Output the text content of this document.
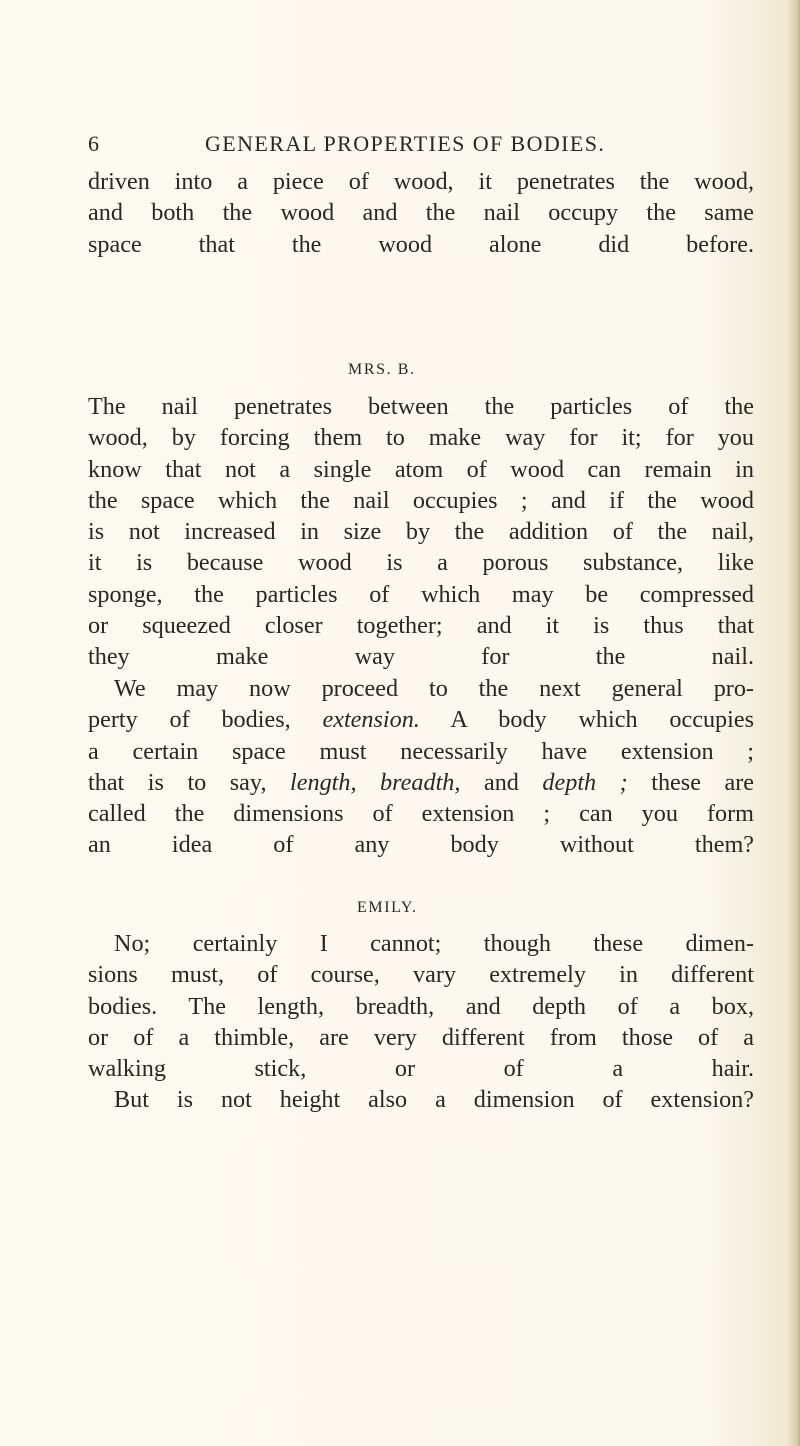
6	GENERAL PROPERTIES OF BODIES.
driven into a piece of wood, it penetrates the wood,
and both the wood and the nail occupy the same
space that the wood alone did before.
MRS. B.
The nail penetrates between the particles of the
wood, by forcing them to make way for it; for you
know that not a single atom of wood can remain in
the space which the nail occupies ; and if the wood
is not increased in size by the addition of the nail,
it is because wood is a porous substance, like
sponge, the particles of which may be compressed
or squeezed closer together; and it is thus that
they make way for the nail.
We may now proceed to the next general pro-
perty of bodies, extension. A body which occupies
a certain space must necessarily have extension ;
that is to say, length, breadth, and depth ; these are
called the dimensions of extension ; can you form
an idea of any body without them?
EMILY.
No; certainly I cannot; though these dimen-
sions must, of course, vary extremely in different
bodies. The length, breadth, and depth of a box,
or of a thimble, are very different from those of a
walking stick, or of a hair.
But is not height also a dimension of extension?
